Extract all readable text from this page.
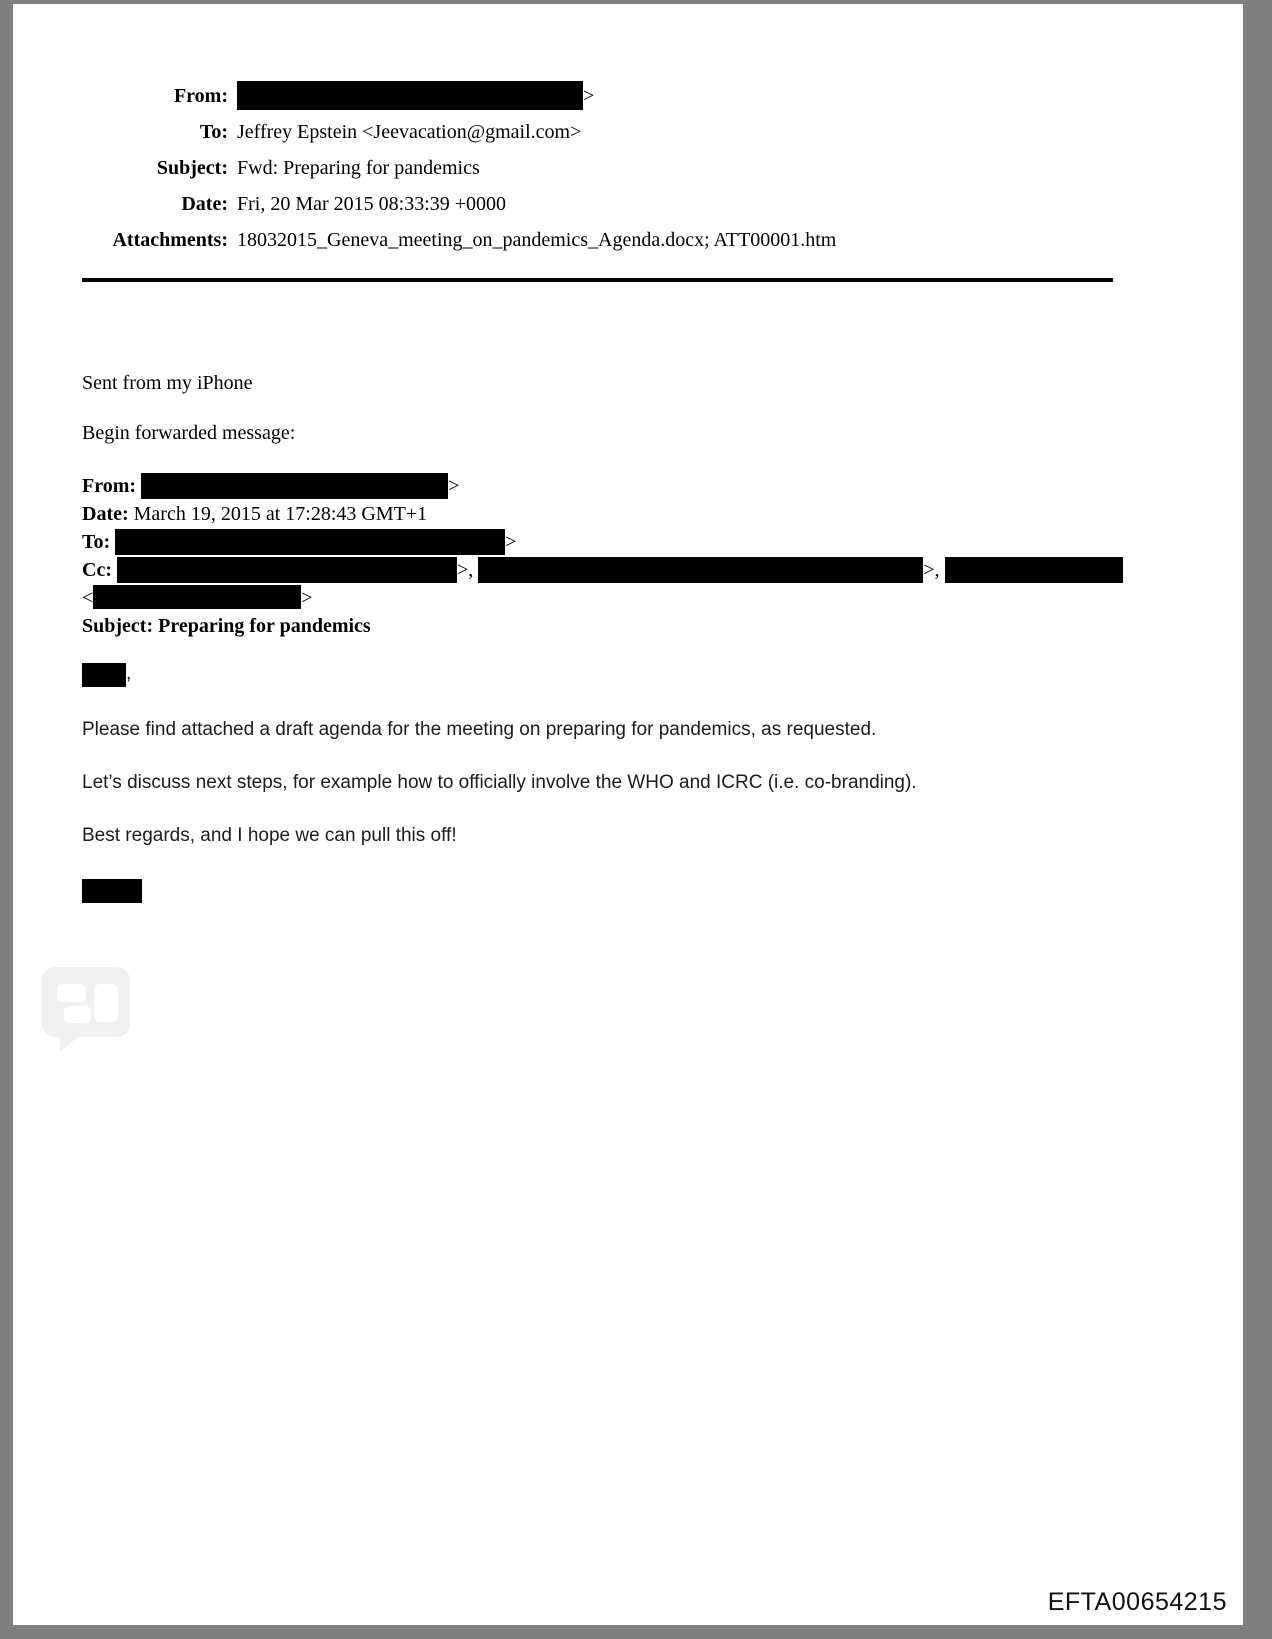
From:	>
To: Jeffrey Epstein <Jeevacation@gmail.com>
Subject: Fwd: Preparing for pandemics
Date: Fri, 20 Mar 2015 08:33:39 +0000
Attachments: 18032015_Geneva_meeting_on_pandemics_Agenda.docx; ATT00001.htm
Sent from my iPhone
Begin forwarded message:
From:	>
Date: March 19, 2015 at 17:28:43 GMT+1
To:	>
Cc:	>,	>,
<	>
Subject: Preparing for pandemics
,
Please find attached a draft agenda for the meeting on preparing for pandemics, as requested.
Let’s discuss next steps, for example how to officially involve the WHO and ICRC (i.e. co-branding).
Best regards, and I hope we can pull this off!
EFTA00654215
